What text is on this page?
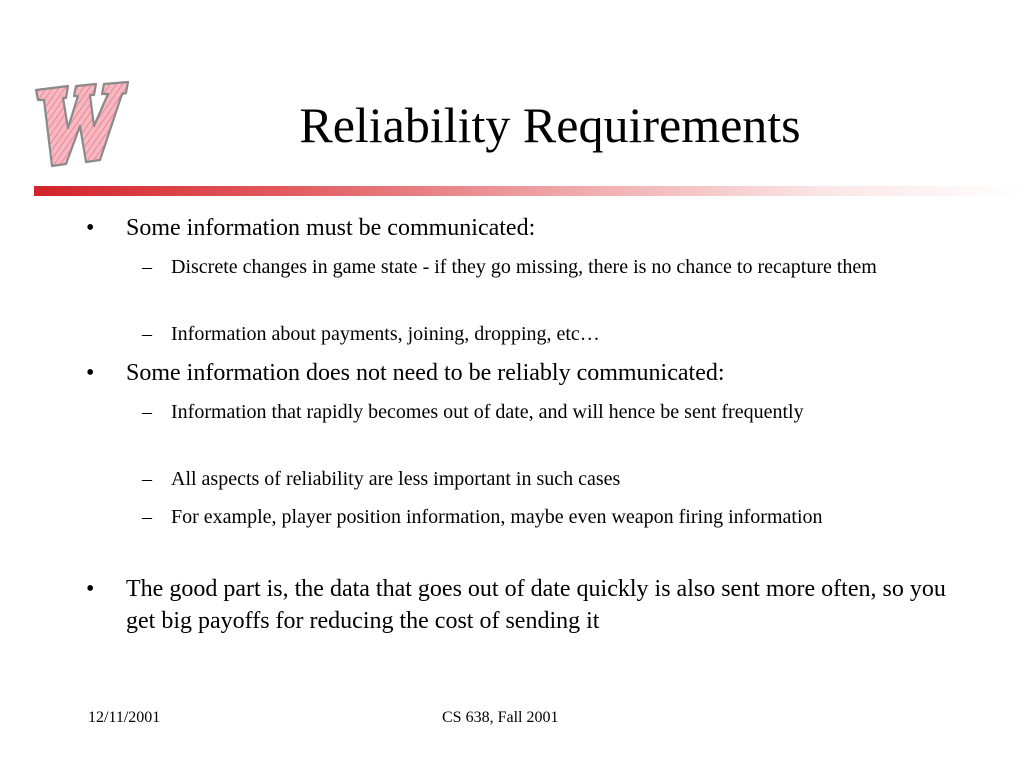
Reliability Requirements
• Some information must be communicated:
– Discrete changes in game state - if they go missing, there is no chance to recapture them
– Information about payments, joining, dropping, etc…
• Some information does not need to be reliably communicated:
– Information that rapidly becomes out of date, and will hence be sent frequently
– All aspects of reliability are less important in such cases
– For example, player position information, maybe even weapon firing information
• The good part is, the data that goes out of date quickly is also sent more often, so you get big payoffs for reducing the cost of sending it
12/11/2001	CS 638, Fall 2001
